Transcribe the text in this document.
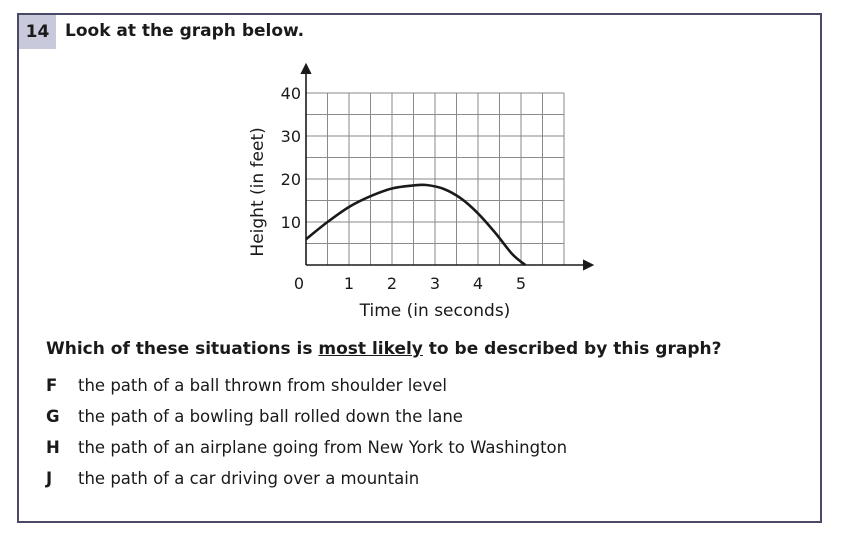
14 Look at the graph below.
0 1 2 3 4 5
10
20
30
40
Time (in seconds)
Height (in feet)
Which of these situations is most likely to be described by this graph?
F	the path of a ball thrown from shoulder level
G	the path of a bowling ball rolled down the lane
H	the path of an airplane going from New York to Washington
J	the path of a car driving over a mountain
